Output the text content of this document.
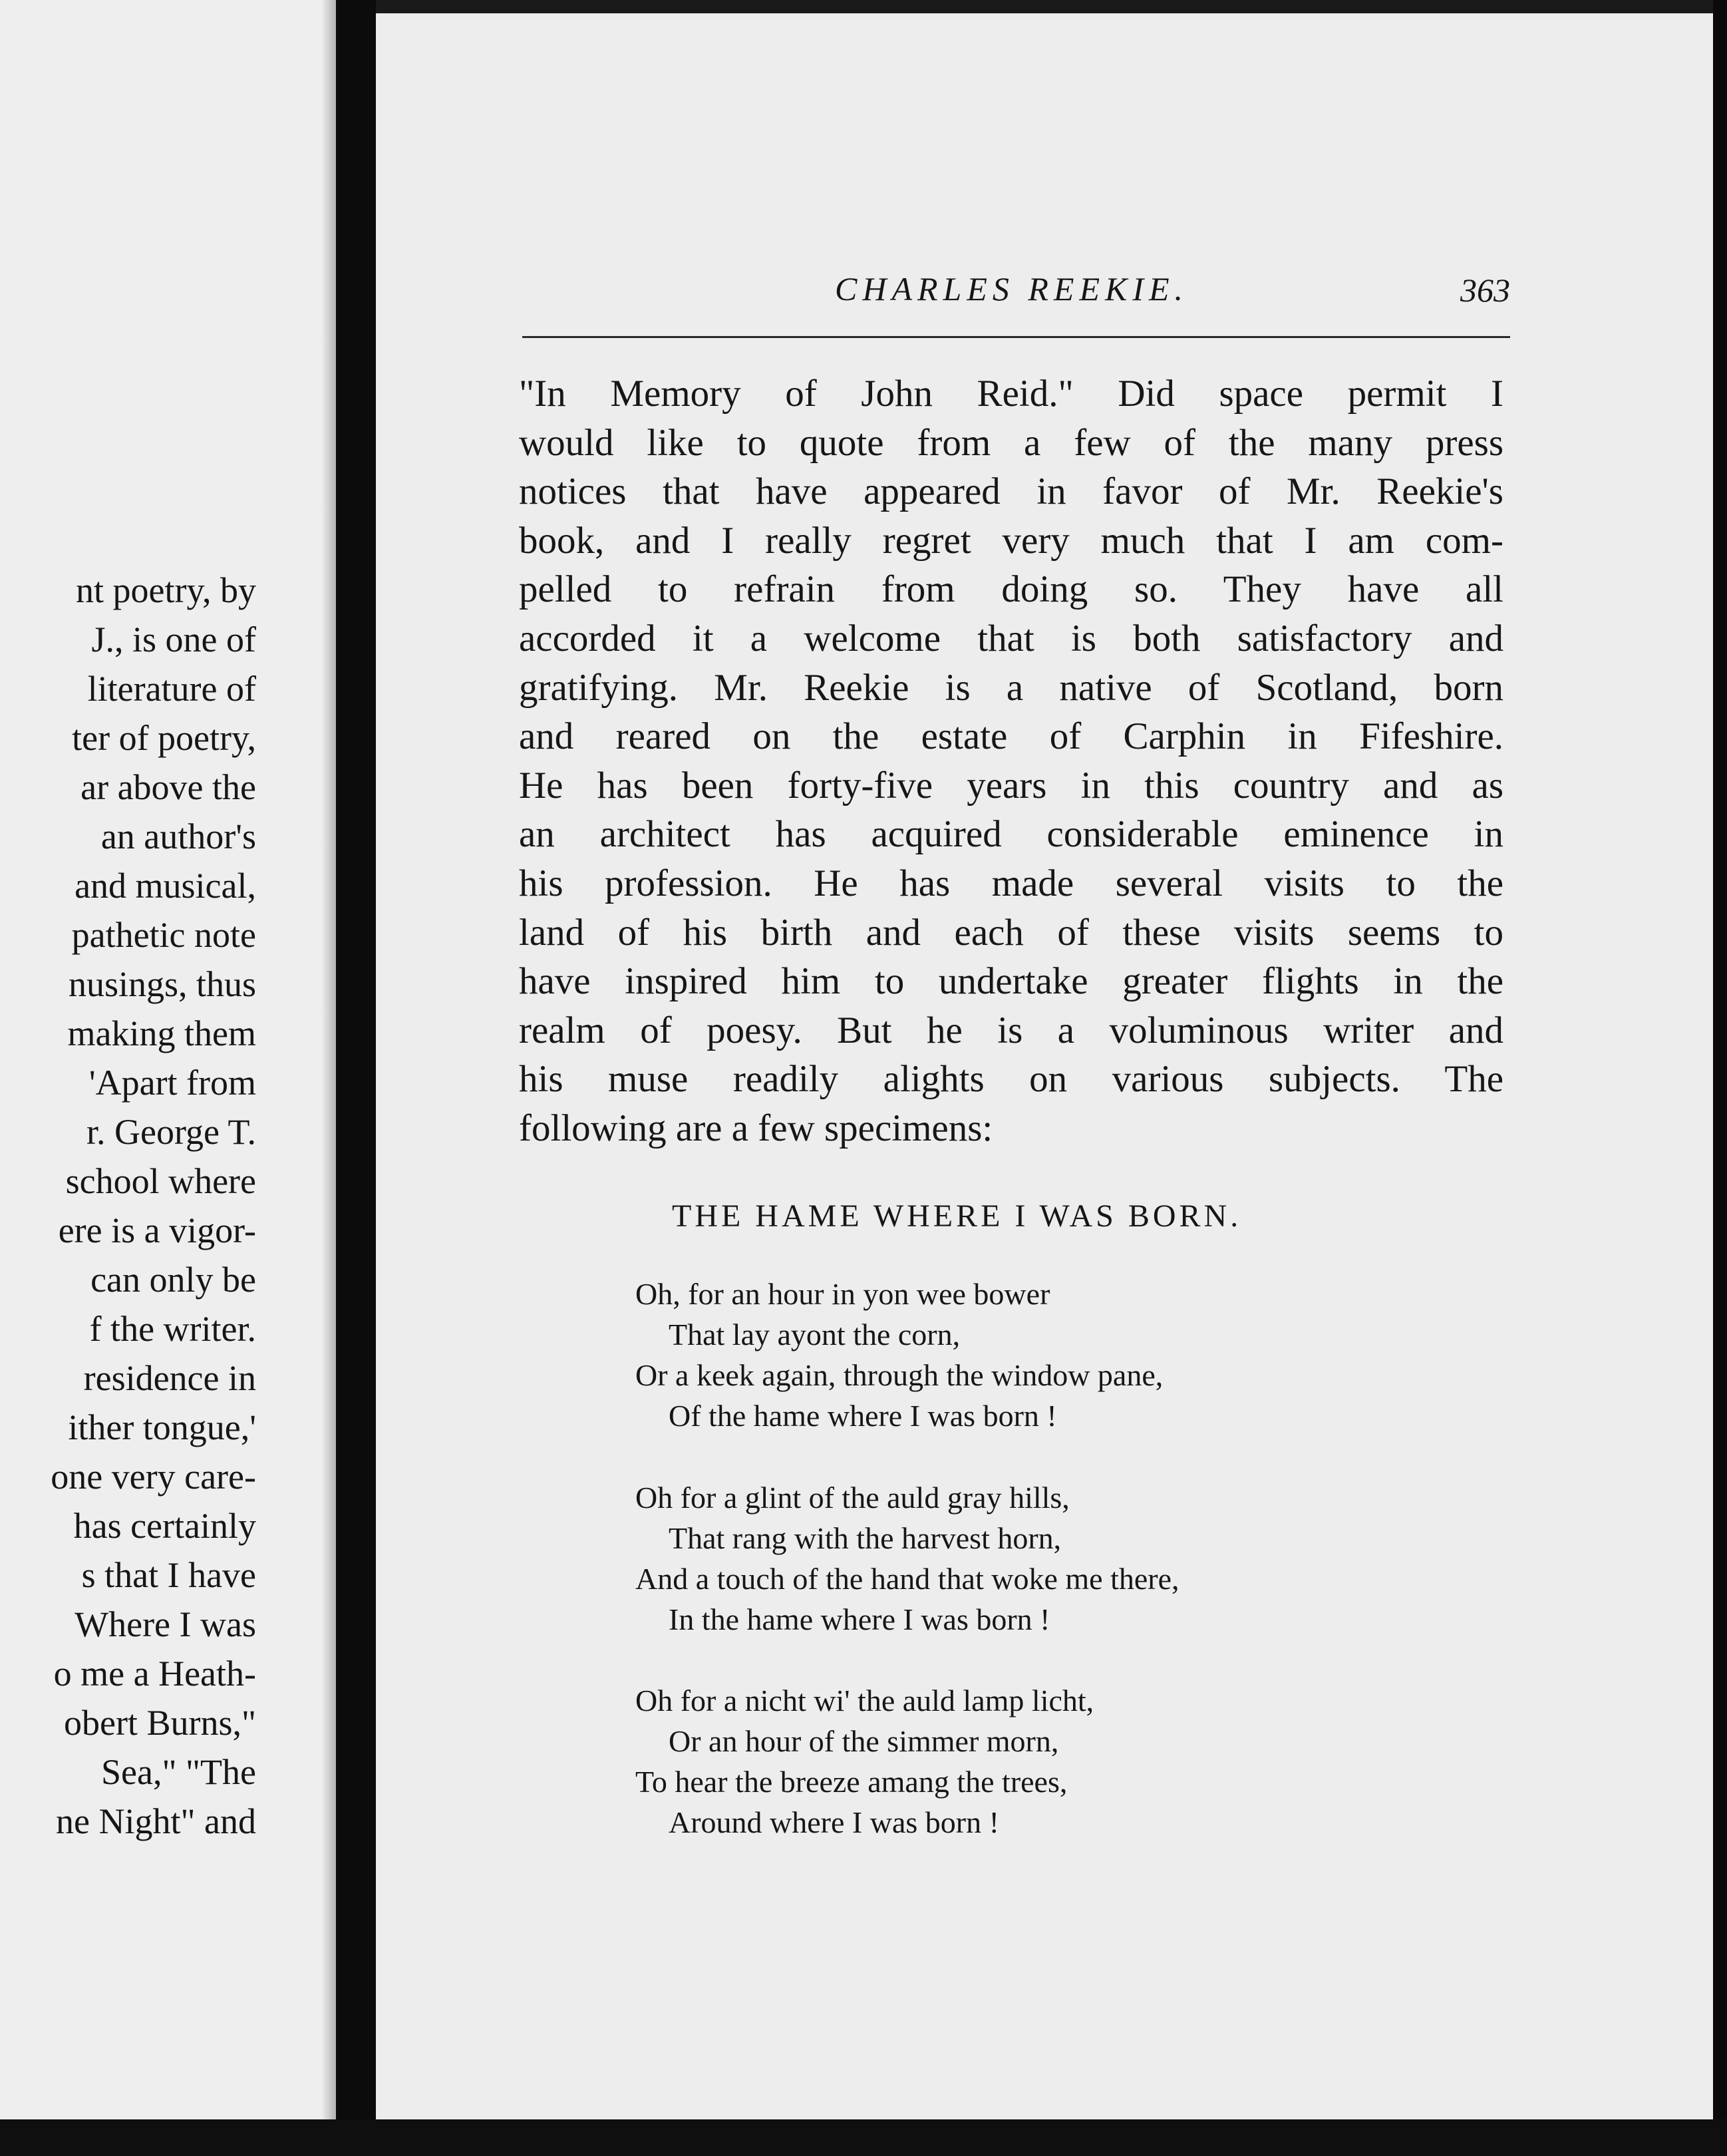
nt poetry, by
J., is one of
literature of
ter of poetry,
ar above the
an author's
and musical,
pathetic note
nusings, thus
making them
'Apart from
r. George T.
school where
ere is a vigor-
can only be
f the writer.
residence in
ither tongue,'
one very care-
has certainly
s that I have
Where I was
o me a Heath-
obert Burns,"
Sea," "The
ne Night" and
CHARLES REEKIE.	363
"In Memory of John Reid." Did space permit I
would like to quote from a few of the many press
notices that have appeared in favor of Mr. Reekie's
book, and I really regret very much that I am com-
pelled to refrain from doing so. They have all
accorded it a welcome that is both satisfactory and
gratifying. Mr. Reekie is a native of Scotland, born
and reared on the estate of Carphin in Fifeshire.
He has been forty-five years in this country and as
an architect has acquired considerable eminence in
his profession. He has made several visits to the
land of his birth and each of these visits seems to
have inspired him to undertake greater flights in the
realm of poesy. But he is a voluminous writer and
his muse readily alights on various subjects. The
following are a few specimens:
THE HAME WHERE I WAS BORN.
Oh, for an hour in yon wee bower
That lay ayont the corn,
Or a keek again, through the window pane,
Of the hame where I was born !
Oh for a glint of the auld gray hills,
That rang with the harvest horn,
And a touch of the hand that woke me there,
In the hame where I was born !
Oh for a nicht wi' the auld lamp licht,
Or an hour of the simmer morn,
To hear the breeze amang the trees,
Around where I was born !
